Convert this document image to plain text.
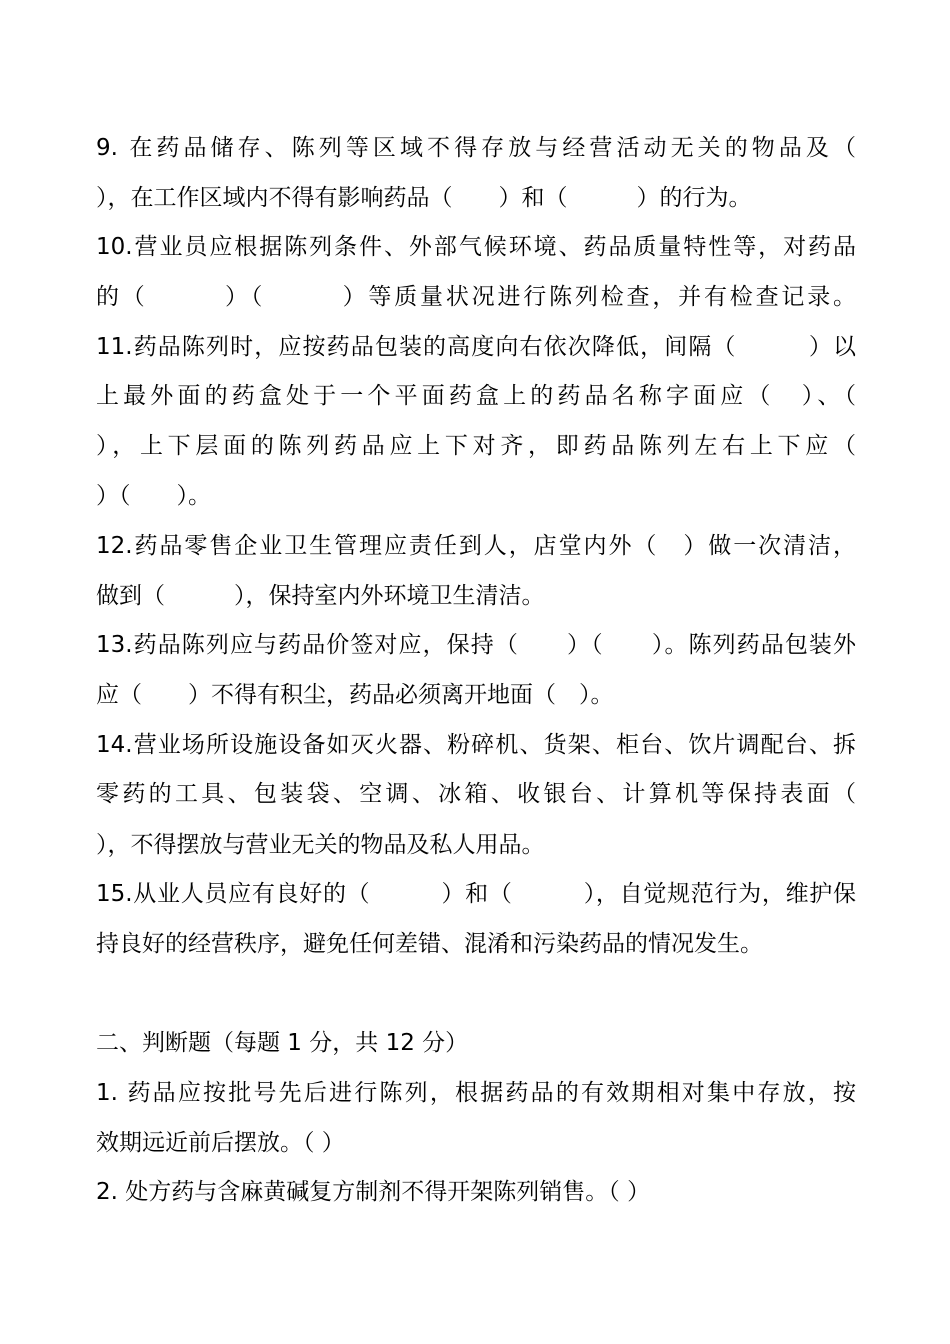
9. 在药品储存、陈列等区域不得存放与经营活动无关的物品及（
），在工作区域内不得有影响药品（　　）和（　　　）的行为。
10.营业员应根据陈列条件、外部气候环境、药品质量特性等，对药品
的（　　　）（　　　）等质量状况进行陈列检查，并有检查记录。
11.药品陈列时，应按药品包装的高度向右依次降低，间隔（　　　）以
上最外面的药盒处于一个平面药盒上的药品名称字面应（　）、（
），上下层面的陈列药品应上下对齐，即药品陈列左右上下应（
）（　　）。
12.药品零售企业卫生管理应责任到人，店堂内外（　）做一次清洁，
做到（　　　），保持室内外环境卫生清洁。
13.药品陈列应与药品价签对应，保持（　　）（　　）。陈列药品包装外
应（　　）不得有积尘，药品必须离开地面（　）。
14.营业场所设施设备如灭火器、粉碎机、货架、柜台、饮片调配台、拆
零药的工具、包装袋、空调、冰箱、收银台、计算机等保持表面（
），不得摆放与营业无关的物品及私人用品。
15.从业人员应有良好的（　　　）和（　　　），自觉规范行为，维护保
持良好的经营秩序，避免任何差错、混淆和污染药品的情况发生。
二、判断题（每题 1 分，共 12 分）
1. 药品应按批号先后进行陈列，根据药品的有效期相对集中存放，按
效期远近前后摆放。（ ）
2. 处方药与含麻黄碱复方制剂不得开架陈列销售。（ ）
